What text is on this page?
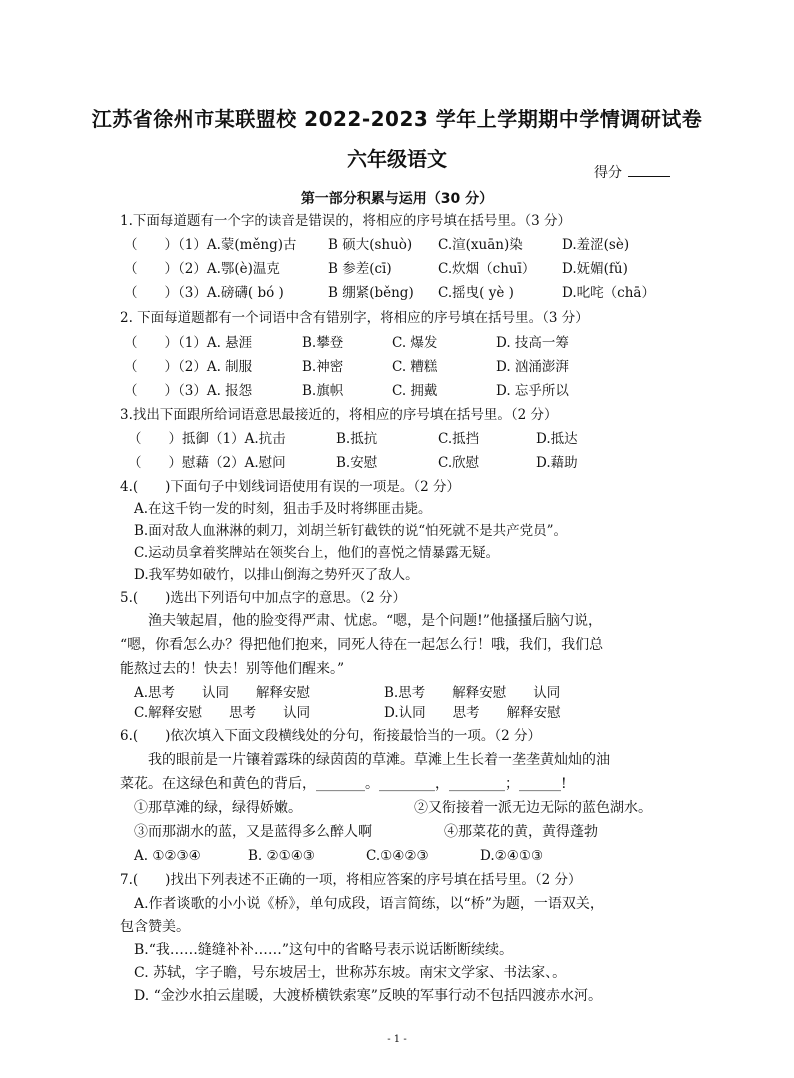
江苏省徐州市某联盟校 2022-2023 学年上学期期中学情调研试卷
六年级语文
得分
第一部分积累与运用（30 分）
1.下面每道题有一个字的读音是错误的，将相应的序号填在括号里。（3 分）
（　　）（1）A.蒙(měng)古 B 硕大(shuò) C.渲(xuān)染	D.羞涩(sè)
（　　）（2）A.鄂(è)温克	B 参差(cī)	C.炊烟（chuī） D.妩媚(fǔ)
（　　）（3）A.磅礴( bó )	B 绷紧(běng) C.摇曳( yè )	D.叱咤（chā）
2. 下面每道题都有一个词语中含有错别字，将相应的序号填在括号里。（3 分）
（　　）（1）A. 悬涯	B.攀登	C. 爆发	D. 技高一筹
（　　）（2）A. 制服	B.神密	C. 糟糕	D. 汹涌澎湃
（　　）（3）A. 报怨	B.旗帜	C. 拥戴	D. 忘乎所以
3.找出下面跟所给词语意思最接近的，将相应的序号填在括号里。（2 分）
（　　）抵御（1）A.抗击	B.抵抗	C.抵挡	D.抵达
（　　）慰藉（2）A.慰问	B.安慰	C.欣慰	D.藉助
4.(　　)下面句子中划线词语使用有误的一项是。（2 分）
A.在这千钧一发的时刻，狙击手及时将绑匪击毙。
B.面对敌人血淋淋的刺刀，刘胡兰斩钉截铁的说“怕死就不是共产党员”。
C.运动员拿着奖牌站在领奖台上，他们的喜悦之情暴露无疑。
D.我军势如破竹，以排山倒海之势歼灭了敌人。
5.(　　)选出下列语句中加点字的意思。（2 分）
渔夫皱起眉，他的脸变得严肃、忧虑。“嗯，是个问题!”他搔搔后脑勺说，
“嗯，你看怎么办？得把他们抱来，同死人待在一起怎么行！哦，我们，我们总
能熬过去的！快去！别等他们醒来。”
A.思考　　认同　　解释安慰	B.思考　　解释安慰　　认同
C.解释安慰　　思考　　认同	D.认同　　思考　　解释安慰
6.(　　)依次填入下面文段横线处的分句，衔接最恰当的一项。（2 分）
我的眼前是一片镶着露珠的绿茵茵的草滩。草滩上生长着一垄垄黄灿灿的油
菜花。在这绿色和黄色的背后，_______。________，________；______!
①那草滩的绿，绿得娇嫩。	②又衔接着一派无边无际的蓝色湖水。
③而那湖水的蓝，又是蓝得多么醉人啊	④那菜花的黄，黄得蓬勃
A. ①②③④	B. ②①④③	C.①④②③	D.②④①③
7.(　　)找出下列表述不正确的一项，将相应答案的序号填在括号里。（2 分）
A.作者谈歌的小小说《桥》，单句成段，语言简练，以“桥”为题，一语双关，
包含赞美。
B.“我……缝缝补补……”这句中的省略号表示说话断断续续。
C. 苏轼，字子瞻，号东坡居士，世称苏东坡。南宋文学家、书法家、。
D. “金沙水拍云崖暖，大渡桥横铁索寒”反映的军事行动不包括四渡赤水河。
- 1 -
